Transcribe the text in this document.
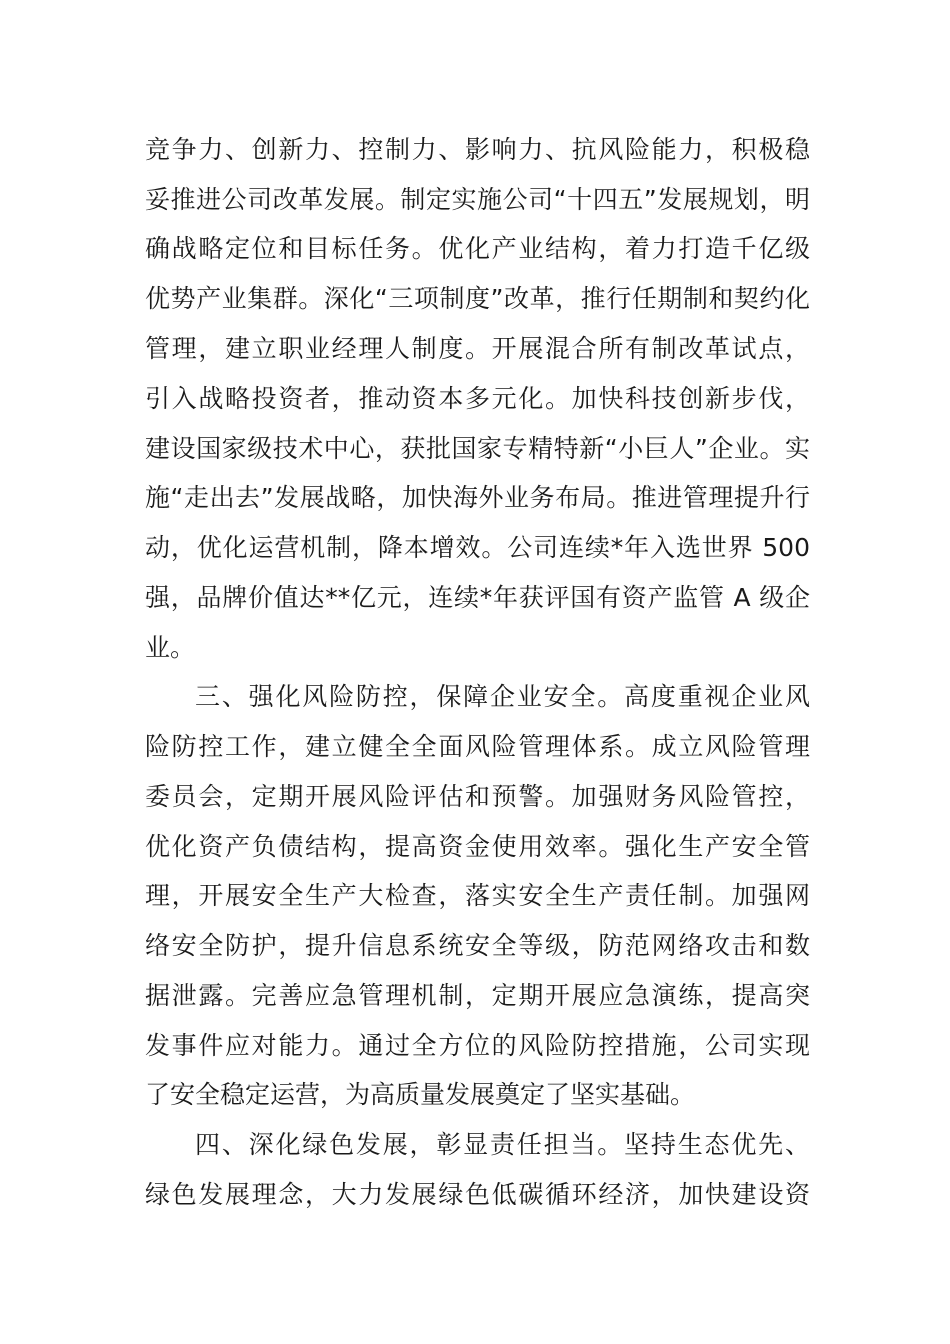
竞争力、创新力、控制力、影响力、抗风险能力，积极稳
妥推进公司改革发展。制定实施公司“十四五”发展规划，明
确战略定位和目标任务。优化产业结构，着力打造千亿级
优势产业集群。深化“三项制度”改革，推行任期制和契约化
管理，建立职业经理人制度。开展混合所有制改革试点，
引入战略投资者，推动资本多元化。加快科技创新步伐，
建设国家级技术中心，获批国家专精特新“小巨人”企业。实
施“走出去”发展战略，加快海外业务布局。推进管理提升行
动，优化运营机制，降本增效。公司连续*年入选世界 500
强，品牌价值达**亿元，连续*年获评国有资产监管 A 级企
业。
三、强化风险防控，保障企业安全。高度重视企业风
险防控工作，建立健全全面风险管理体系。成立风险管理
委员会，定期开展风险评估和预警。加强财务风险管控，
优化资产负债结构，提高资金使用效率。强化生产安全管
理，开展安全生产大检查，落实安全生产责任制。加强网
络安全防护，提升信息系统安全等级，防范网络攻击和数
据泄露。完善应急管理机制，定期开展应急演练，提高突
发事件应对能力。通过全方位的风险防控措施，公司实现
了安全稳定运营，为高质量发展奠定了坚实基础。
四、深化绿色发展，彰显责任担当。坚持生态优先、
绿色发展理念，大力发展绿色低碳循环经济，加快建设资
